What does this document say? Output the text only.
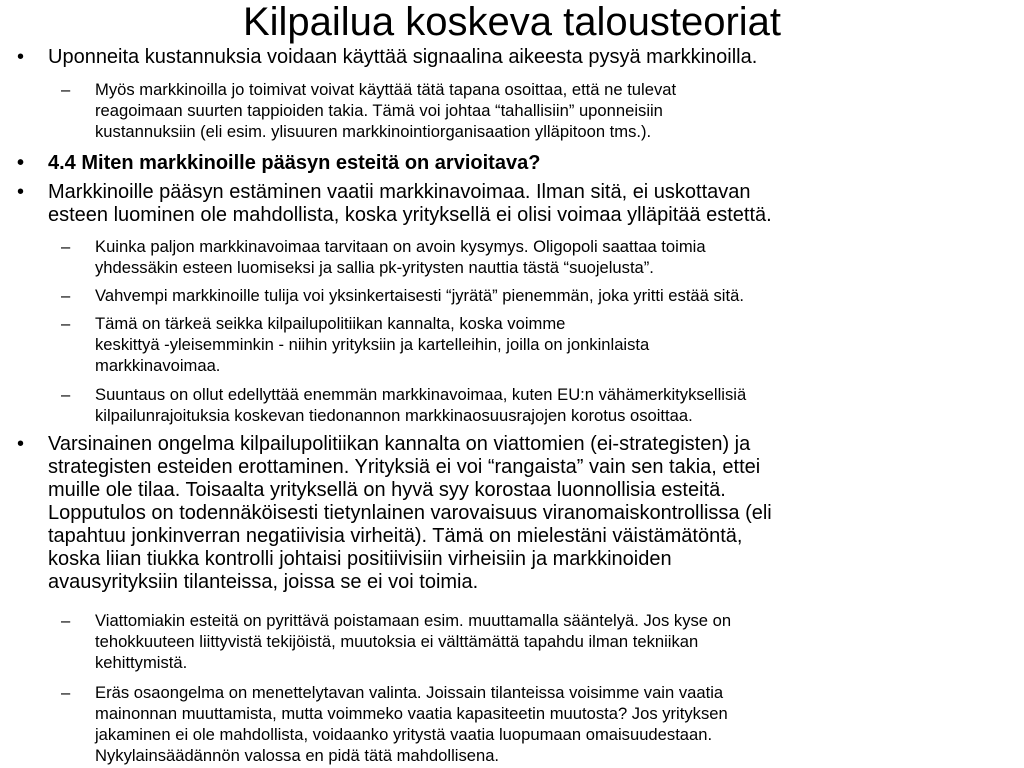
Kilpailua koskeva talousteoriat
• Uponneita kustannuksia voidaan käyttää signaalina aikeesta pysyä markkinoilla.
– Myös markkinoilla jo toimivat voivat käyttää tätä tapana osoittaa, että ne tulevat
reagoimaan suurten tappioiden takia. Tämä voi johtaa “tahallisiin” uponneisiin
kustannuksiin (eli esim. ylisuuren markkinointiorganisaation ylläpitoon tms.).
• 4.4 Miten markkinoille pääsyn esteitä on arvioitava?
• Markkinoille pääsyn estäminen vaatii markkinavoimaa. Ilman sitä, ei uskottavan
esteen luominen ole mahdollista, koska yrityksellä ei olisi voimaa ylläpitää estettä.
– Kuinka paljon markkinavoimaa tarvitaan on avoin kysymys. Oligopoli saattaa toimia
yhdessäkin esteen luomiseksi ja sallia pk-yritysten nauttia tästä “suojelusta”.
– Vahvempi markkinoille tulija voi yksinkertaisesti “jyrätä” pienemmän, joka yritti estää sitä.
– Tämä on tärkeä seikka kilpailupolitiikan kannalta, koska voimme
keskittyä -yleisemminkin - niihin yrityksiin ja kartelleihin, joilla on jonkinlaista
markkinavoimaa.
– Suuntaus on ollut edellyttää enemmän markkinavoimaa, kuten EU:n vähämerkityksellisiä
kilpailunrajoituksia koskevan tiedonannon markkinaosuusrajojen korotus osoittaa.
• Varsinainen ongelma kilpailupolitiikan kannalta on viattomien (ei-strategisten) ja
strategisten esteiden erottaminen. Yrityksiä ei voi “rangaista” vain sen takia, ettei
muille ole tilaa. Toisaalta yrityksellä on hyvä syy korostaa luonnollisia esteitä.
Lopputulos on todennäköisesti tietynlainen varovaisuus viranomaiskontrollissa (eli
tapahtuu jonkinverran negatiivisia virheitä). Tämä on mielestäni väistämätöntä,
koska liian tiukka kontrolli johtaisi positiivisiin virheisiin ja markkinoiden
avausyrityksiin tilanteissa, joissa se ei voi toimia.
– Viattomiakin esteitä on pyrittävä poistamaan esim. muuttamalla sääntelyä. Jos kyse on
tehokkuuteen liittyvistä tekijöistä, muutoksia ei välttämättä tapahdu ilman tekniikan
kehittymistä.
– Eräs osaongelma on menettelytavan valinta. Joissain tilanteissa voisimme vain vaatia
mainonnan muuttamista, mutta voimmeko vaatia kapasiteetin muutosta? Jos yrityksen
jakaminen ei ole mahdollista, voidaanko yritystä vaatia luopumaan omaisuudestaan.
Nykylainsäädännön valossa en pidä tätä mahdollisena.
